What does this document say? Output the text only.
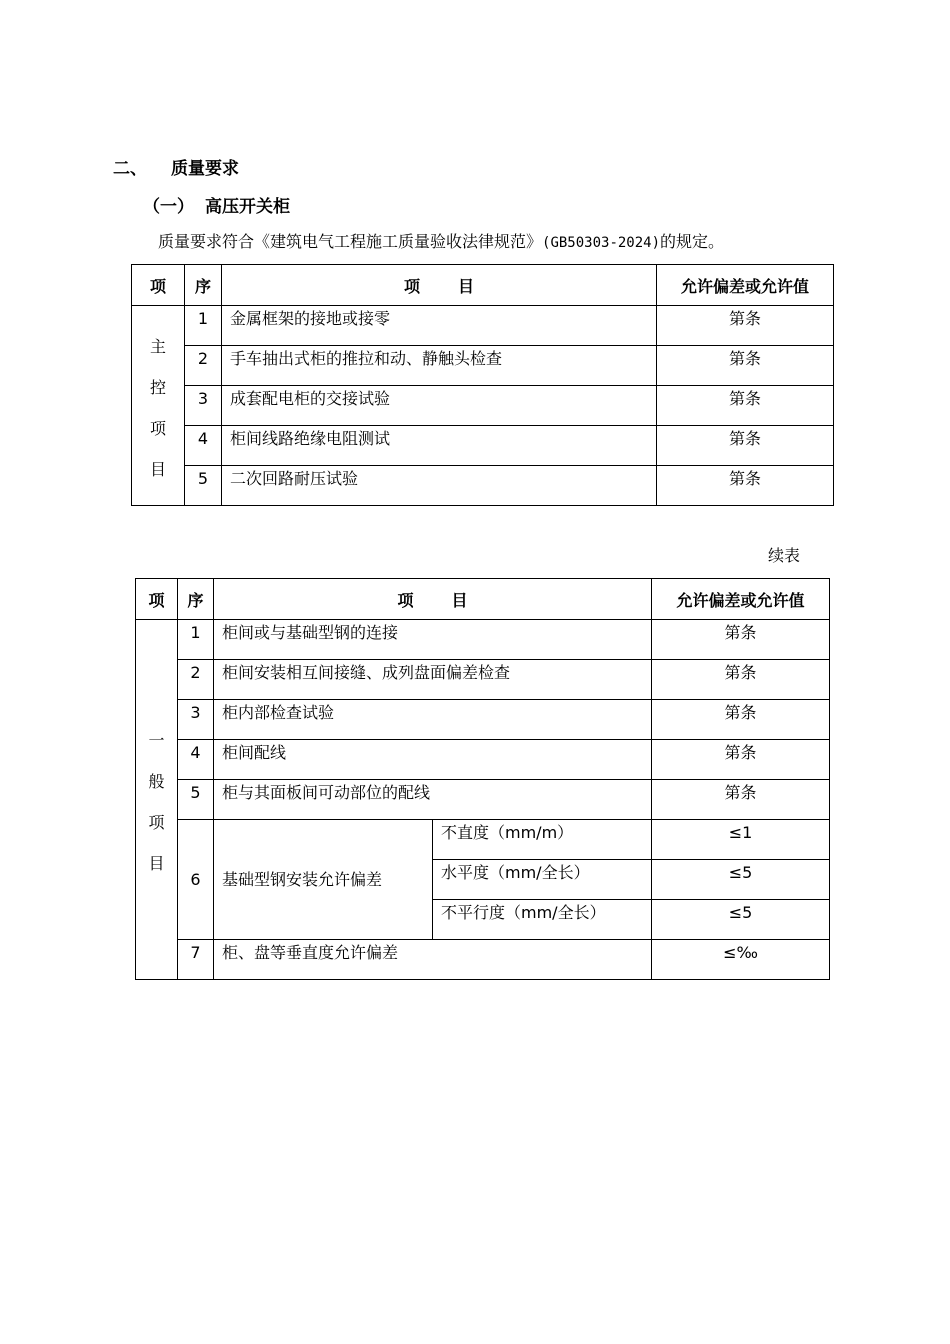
二、 质量要求
（一） 高压开关柜
质量要求符合《建筑电气工程施工质量验收法律规范》(GB50303-2024)的规定。
项	序	项 目	允许偏差或允许值

主
控
项
目	1	金属框架的接地或接零	第条
	2	手车抽出式柜的推拉和动、静触头检查	第条
	3	成套配电柜的交接试验	第条
	4	柜间线路绝缘电阻测试	第条
	5	二次回路耐压试验	第条
续表
项	序	项 目		允许偏差或允许值

一
般
项
目	1	柜间或与基础型钢的连接		第条
	2	柜间安装相互间接缝、成列盘面偏差检查		第条
	3	柜内部检查试验		第条
	4	柜间配线		第条
	5	柜与其面板间可动部位的配线		第条
	6	基础型钢安装允许偏差	不直度（mm/m）	≤1
			水平度（mm/全长）	≤5
			不平行度（mm/全长）	≤5
	7	柜、盘等垂直度允许偏差		≤‰
